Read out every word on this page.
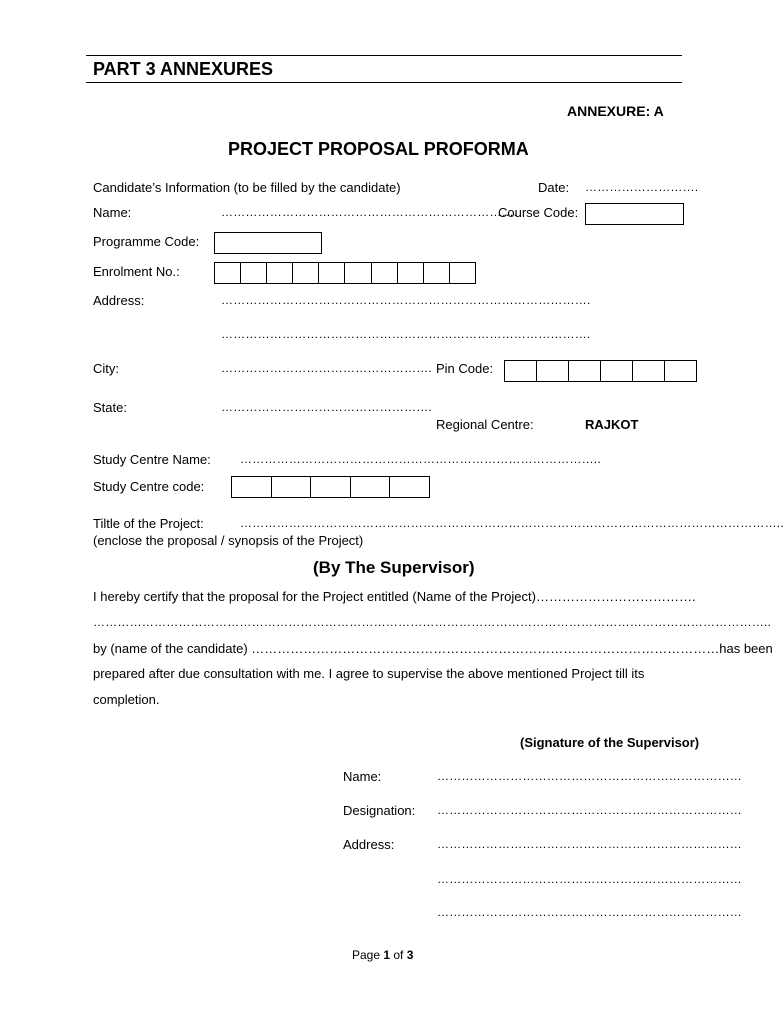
PART 3 ANNEXURES
ANNEXURE: A
PROJECT PROPOSAL PROFORMA
Candidate’s Information (to be filled by the candidate)	Date: ……………………….
Name:	……………………………………………………………….
Course Code:
Programme Code:
Enrolment No.:
Address:	……………………………………………………………………………….
……………………………………………………………………………….
City:	……………………………………………. Pin Code:
State:	…………………………………………….
Regional Centre:	RAJKOT
Study Centre Name: ……………………………………………………………………………..
Study Centre code:
Tiltle of the Project:	……………………………………………………………………………………………………………………..
(enclose the proposal / synopsis of the Project)
(By The Supervisor)
I hereby certify that the proposal for the Project entitled (Name of the Project)……………………………….
…………………………………………………………………………………………………………………………………………………..
by (name of the candidate) ………………………………………………………………………………………………has been
prepared after due consultation with me. I agree to supervise the above mentioned Project till its
completion.
(Signature of the Supervisor)
Name:	…………………………………………………………………
Designation: …………………………………………………………………
Address:	…………………………………………………………………
…………………………………………………………………
…………………………………………………………………
Page 1 of 3
